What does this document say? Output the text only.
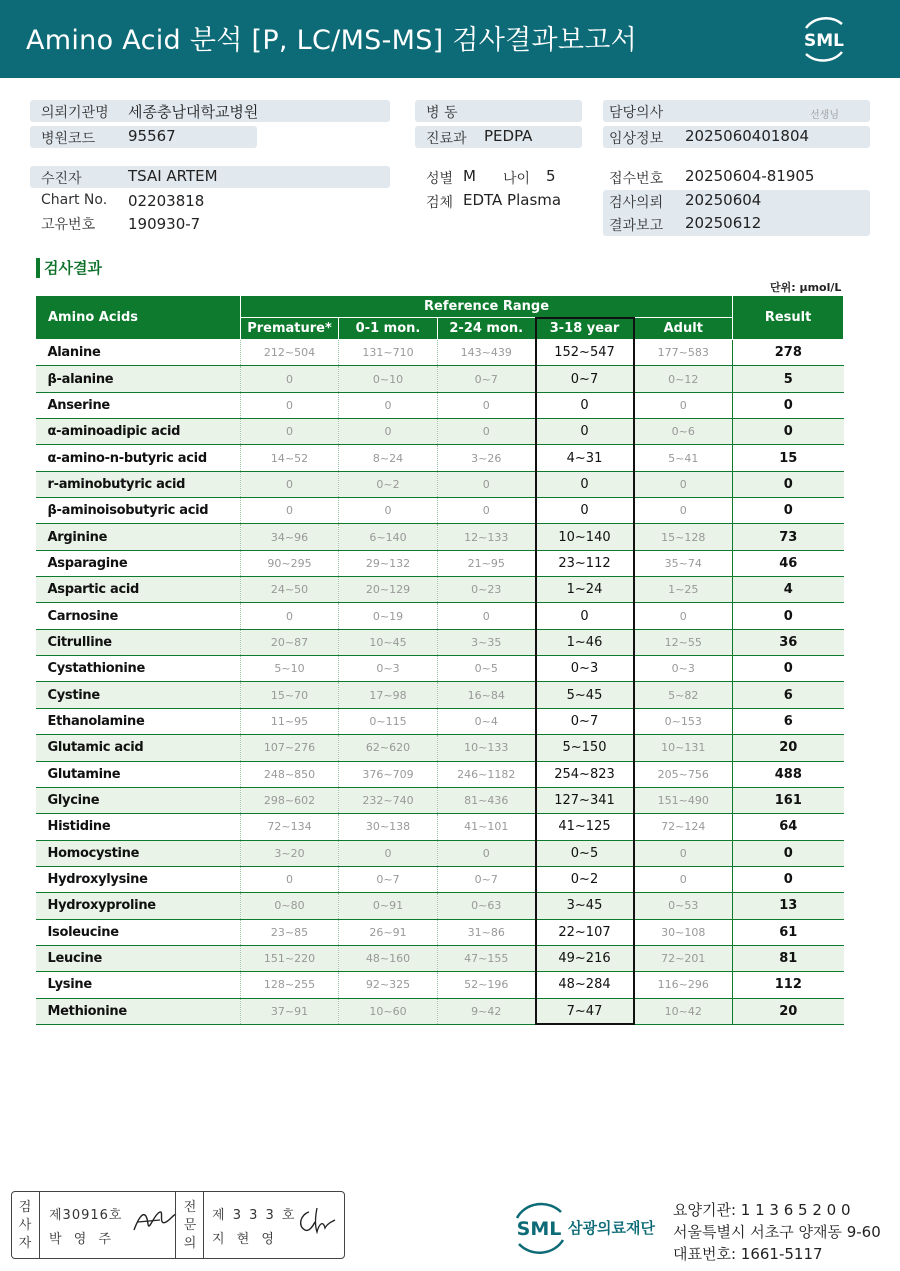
Amino Acid 분석 [P, LC/MS-MS] 검사결과보고서	SML
의뢰기관명 세종충남대학교병원
병원코드 95567
병 동
진료과 PEDPA
담당의사	선생님
임상정보 2025060401804
수진자	TSAI ARTEM
Chart No. 02203818
고유번호 190930-7
성별 M 나이 5
검체 EDTA Plasma
접수번호 20250604-81905
검사의뢰 20250604
결과보고 20250612
검사결과
단위: μmol/L
Amino Acids	Reference Range					Result
	Premature*	0-1 mon.	2-24 mon.	3-18 year	Adult	
Alanine	212~504	131~710	143~439	152~547	177~583	278
β-alanine	0	0~10	0~7	0~7	0~12	5
Anserine	0	0	0	0	0	0
α-aminoadipic acid	0	0	0	0	0~6	0
α-amino-n-butyric acid	14~52	8~24	3~26	4~31	5~41	15
r-aminobutyric acid	0	0~2	0	0	0	0
β-aminoisobutyric acid	0	0	0	0	0	0
Arginine	34~96	6~140	12~133	10~140	15~128	73
Asparagine	90~295	29~132	21~95	23~112	35~74	46
Aspartic acid	24~50	20~129	0~23	1~24	1~25	4
Carnosine	0	0~19	0	0	0	0
Citrulline	20~87	10~45	3~35	1~46	12~55	36
Cystathionine	5~10	0~3	0~5	0~3	0~3	0
Cystine	15~70	17~98	16~84	5~45	5~82	6
Ethanolamine	11~95	0~115	0~4	0~7	0~153	6
Glutamic acid	107~276	62~620	10~133	5~150	10~131	20
Glutamine	248~850	376~709	246~1182	254~823	205~756	488
Glycine	298~602	232~740	81~436	127~341	151~490	161
Histidine	72~134	30~138	41~101	41~125	72~124	64
Homocystine	3~20	0	0	0~5	0	0
Hydroxylysine	0	0~7	0~7	0~2	0	0
Hydroxyproline	0~80	0~91	0~63	3~45	0~53	13
Isoleucine	23~85	26~91	31~86	22~107	30~108	61
Leucine	151~220	48~160	47~155	49~216	72~201	81
Lysine	128~255	92~325	52~196	48~284	116~296	112
Methionine	37~91	10~60	9~42	7~47	10~42	20
검
사
자
제30916호
박 영 주
전
문
의
제 3 3 3 호
지 현 영	SML 삼광의료재단
요양기관: 1 1 3 6 5 2 0 0
서울특별시 서초구 양재동 9-60
대표번호: 1661-5117
